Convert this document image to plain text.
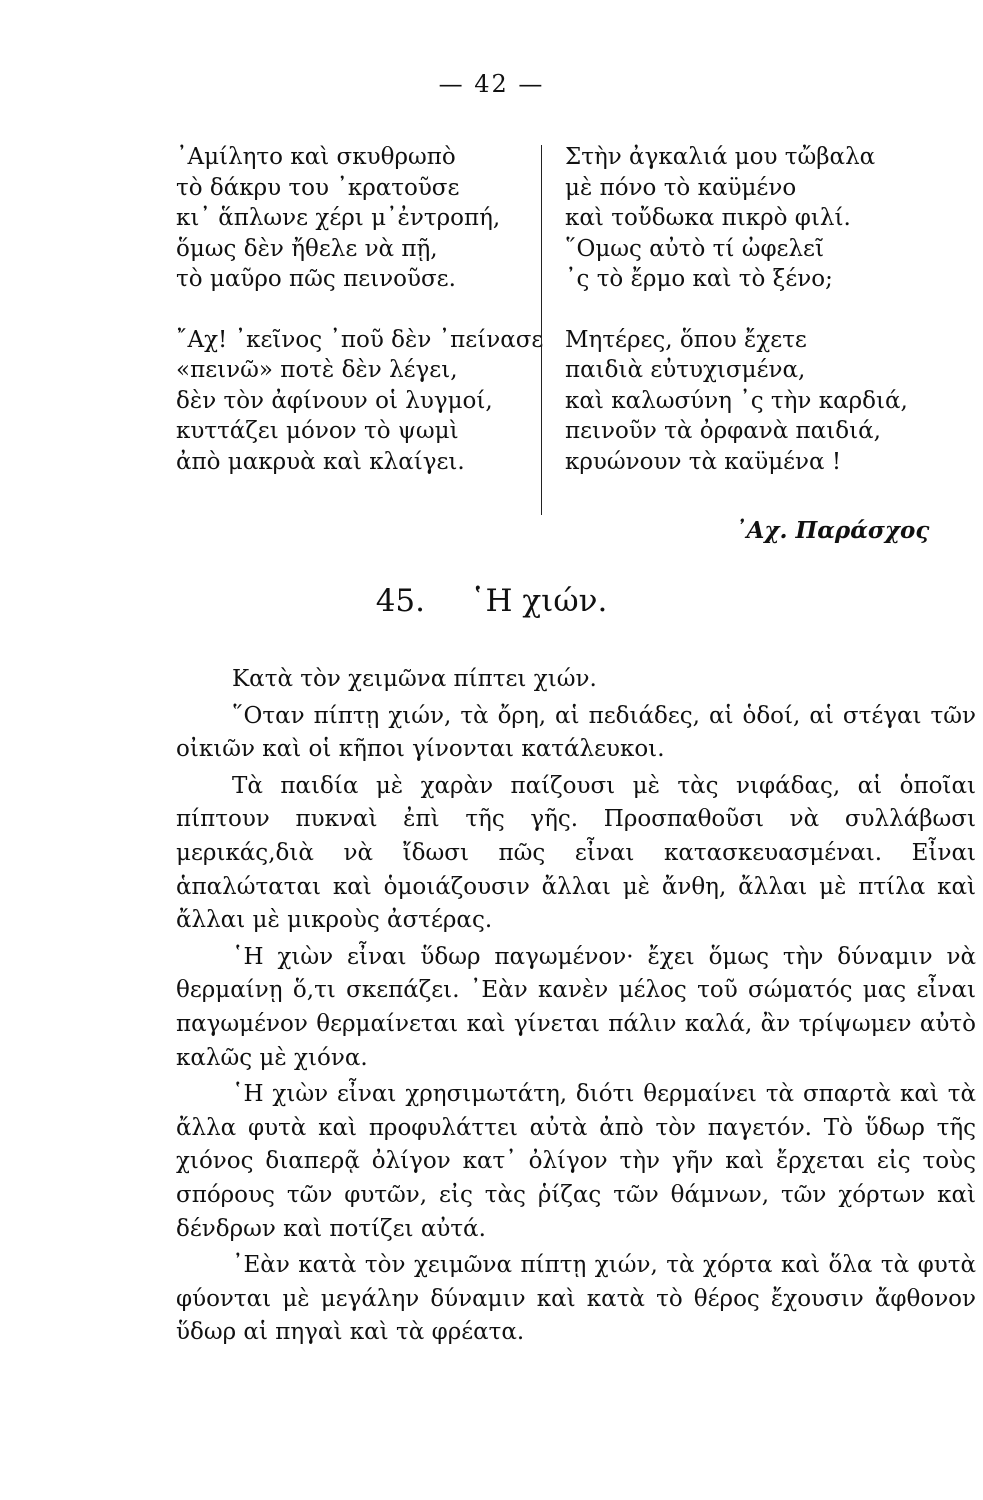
— 42 —
᾿Αμίλητο καὶ σκυθρωπὸ
τὸ δάκρυ του ᾿κρατοῦσε
κι᾿ ἅπλωνε χέρι μ᾿ἐντροπή,
ὅμως δὲν ἤθελε νὰ πῇ,
τὸ μαῦρο πῶς πεινοῦσε.
῎Αχ! ᾿κεῖνος ᾿ποῦ δὲν ᾿πείνασε
«πεινῶ» ποτὲ δὲν λέγει,
δὲν τὸν ἀφίνουν οἱ λυγμοί,
κυττάζει μόνον τὸ ψωμὶ
ἀπὸ μακρυὰ καὶ κλαίγει.
Στὴν ἀγκαλιά μου τὤβαλα
μὲ πόνο τὸ καϋμένο
καὶ τοὔδωκα πικρὸ φιλί.
῞Ομως αὐτὸ τί ὠφελεῖ
᾿ς τὸ ἔρμο καὶ τὸ ξένο;
Μητέρες, ὅπου ἔχετε
παιδιὰ εὐτυχισμένα,
καὶ καλωσύνη ᾿ς τὴν καρδιά,
πεινοῦν τὰ ὀρφανὰ παιδιά,
κρυώνουν τὰ καϋμένα !
᾿Αχ. Παράσχος
45. ῾Η χιών.

Κατὰ τὸν χειμῶνα πίπτει χιών.

῞Οταν πίπτῃ χιών, τὰ ὄρη, αἱ πεδιάδες, αἱ ὁδοί, αἱ στέγαι τῶν οἰκιῶν καὶ οἱ κῆποι γίνονται κατάλευκοι.

Τὰ παιδία μὲ χαρὰν παίζουσι μὲ τὰς νιφάδας, αἱ ὁποῖαι πίπτουν πυκναὶ ἐπὶ τῆς γῆς. Προσπαθοῦσι νὰ συλλάβωσι μερικάς,διὰ νὰ ἴδωσι πῶς εἶναι κατασκευασμέναι. Εἶναι ἁπαλώταται καὶ ὁμοιάζουσιν ἄλλαι μὲ ἄνθη, ἄλλαι μὲ πτίλα καὶ ἄλλαι μὲ μικροὺς ἀστέρας.

῾Η χιὼν εἶναι ὕδωρ παγωμένον· ἔχει ὅμως τὴν δύναμιν νὰ θερμαίνῃ ὅ,τι σκεπάζει. ᾿Εὰν κανὲν μέλος τοῦ σώματός μας εἶναι παγωμένον θερμαίνεται καὶ γίνεται πάλιν καλά, ἂν τρίψωμεν αὐτὸ καλῶς μὲ χιόνα.

῾Η χιὼν εἶναι χρησιμωτάτη, διότι θερμαίνει τὰ σπαρτὰ καὶ τὰ ἄλλα φυτὰ καὶ προφυλάττει αὐτὰ ἀπὸ τὸν παγετόν. Τὸ ὕδωρ τῆς χιόνος διαπερᾷ ὀλίγον κατ᾿ ὀλίγον τὴν γῆν καὶ ἔρχεται εἰς τοὺς σπόρους τῶν φυτῶν, εἰς τὰς ῥίζας τῶν θάμνων, τῶν χόρτων καὶ δένδρων καὶ ποτίζει αὐτά.

᾿Εὰν κατὰ τὸν χειμῶνα πίπτῃ χιών, τὰ χόρτα καὶ ὅλα τὰ φυτὰ φύονται μὲ μεγάλην δύναμιν καὶ κατὰ τὸ θέρος ἔχουσιν ἄφθονον ὕδωρ αἱ πηγαὶ καὶ τὰ φρέατα.
